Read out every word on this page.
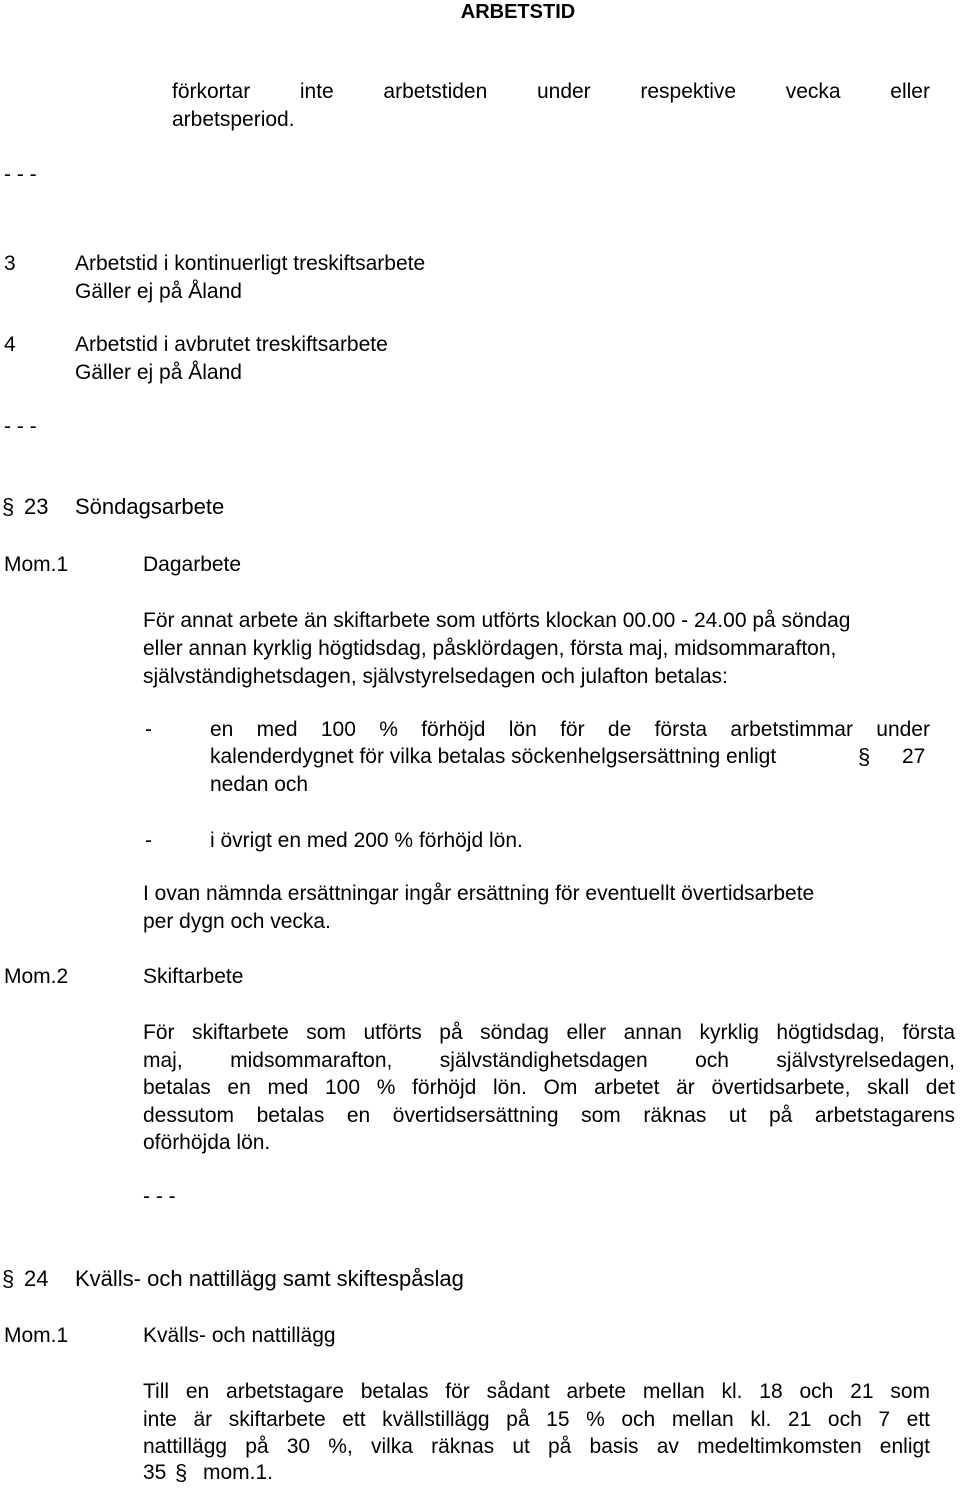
ARBETSTID
förkortar inte arbetstiden under respektive vecka eller
arbetsperiod.
- - -
3	Arbetstid i kontinuerligt treskiftsarbete
Gäller ej på Åland
4	Arbetstid i avbrutet treskiftsarbete
Gäller ej på Åland
- - -
§ 23 Söndagsarbete
Mom.1	Dagarbete
För annat arbete än skiftarbete som utförts klockan 00.00 - 24.00 på söndag
eller annan kyrklig högtidsdag, påsklördagen, första maj, midsommarafton,
självständighetsdagen, självstyrelsedagen och julafton betalas:
-	en med 100 % förhöjd lön för de första arbetstimmar under
kalenderdygnet för vilka betalas söckenhelgsersättning enligt	§ 27
nedan och
-	i övrigt en med 200 % förhöjd lön.
I ovan nämnda ersättningar ingår ersättning för eventuellt övertidsarbete
per dygn och vecka.
Mom.2	Skiftarbete

För skiftarbete som utförts på söndag eller annan kyrklig högtidsdag, första

maj, midsommarafton, självständighetsdagen och självstyrelsedagen,

betalas en med 100 % förhöjd lön. Om arbetet är övertidsarbete, skall det

dessutom betalas en övertidsersättning som räknas ut på arbetstagarens

oförhöjda lön.

- - -
§ 24 Kvälls- och nattillägg samt skiftespåslag
Mom.1	Kvälls- och nattillägg

Till en arbetstagare betalas för sådant arbete mellan kl. 18 och 21 som

inte är skiftarbete ett kvällstillägg på 15 % och mellan kl. 21 och 7 ett

nattillägg på 30 %, vilka räknas ut på basis av medeltimkomsten enligt

35 § mom.1.
